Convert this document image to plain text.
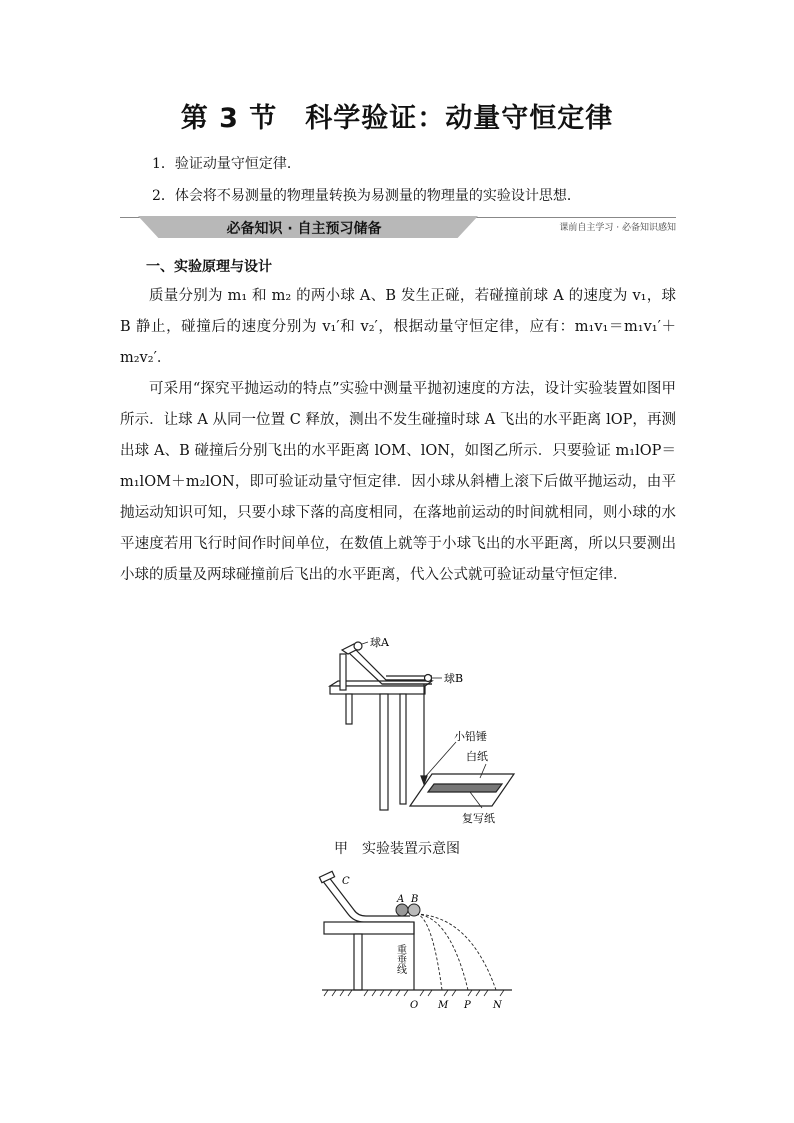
第 3 节　科学验证：动量守恒定律
1．验证动量守恒定律．
2．体会将不易测量的物理量转换为易测量的物理量的实验设计思想．
必备知识 · 自主预习储备	课前自主学习 · 必备知识感知
一、实验原理与设计

质量分别为 m₁ 和 m₂ 的两小球 A、B 发生正碰，若碰撞前球 A 的速度为 v₁，球 B 静止，碰撞后的速度分别为 v₁′和 v₂′，根据动量守恒定律，应有：m₁v₁＝m₁v₁′＋m₂v₂′．

可采用“探究平抛运动的特点”实验中测量平抛初速度的方法，设计实验装置如图甲所示．让球 A 从同一位置 C 释放，测出不发生碰撞时球 A 飞出的水平距离 lOP，再测出球 A、B 碰撞后分别飞出的水平距离 lOM、lON，如图乙所示．只要验证 m₁lOP＝m₁lOM＋m₂lON，即可验证动量守恒定律．因小球从斜槽上滚下后做平抛运动，由平抛运动知识可知，只要小球下落的高度相同，在落地前运动的时间就相同，则小球的水平速度若用飞行时间作时间单位，在数值上就等于小球飞出的水平距离，所以只要测出小球的质量及两球碰撞前后飞出的水平距离，代入公式就可验证动量守恒定律．

球A
球B
小铅锤
白纸
复写纸
甲　实验装置示意图
C
A B
重垂线
O M P N
